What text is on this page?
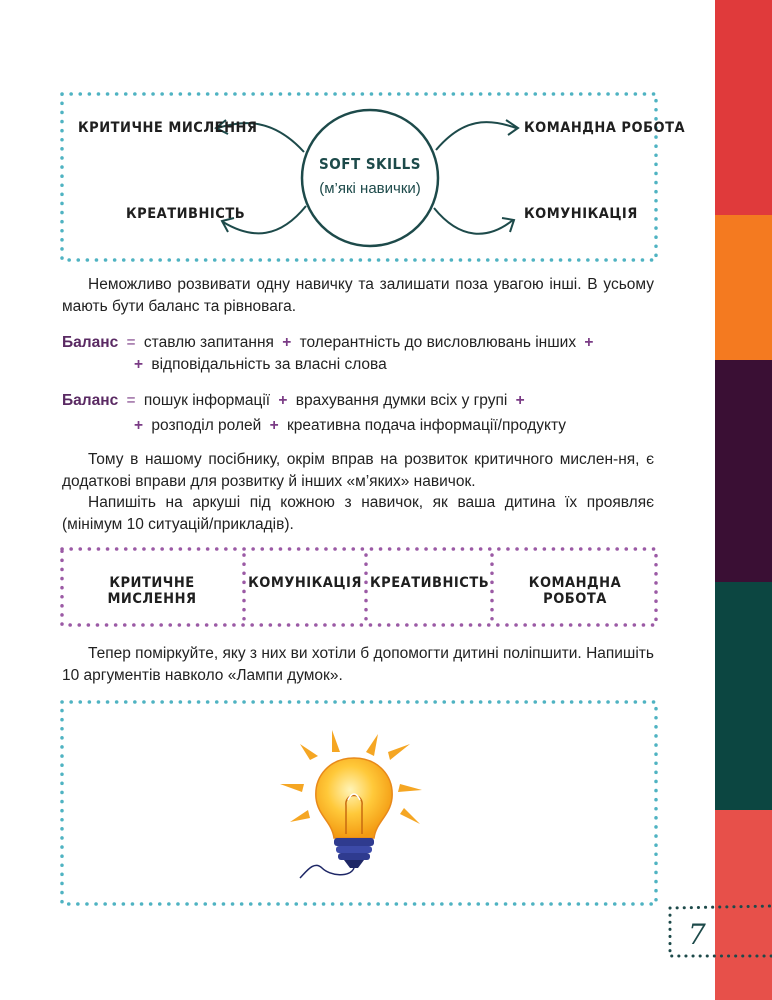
SOFT SKILLS
(м’які навички)
КРИТИЧНЕ МИСЛЕННЯ
КРЕАТИВНІСТЬ
КОМАНДНА РОБОТА
КОМУНІКАЦІЯ
Неможливо розвивати одну навичку та залишати поза увагою інші. В усьому мають бути баланс та рівновага.
Баланс = ставлю запитання + толерантність до висловлювань інших +
+ відповідальність за власні слова
Баланс = пошук інформації + врахування думки всіх у групі +
+ розподіл ролей + креативна подача інформації/продукту
Тому в нашому посібнику, окрім вправ на розвиток критичного мислен-ня, є додаткові вправи для розвитку й інших «м’яких» навичок.
Напишіть на аркуші під кожною з навичок, як ваша дитина їх проявляє (мінімум 10 ситуацій/прикладів).
КРИТИЧНЕ МИСЛЕННЯ
КОМУНІКАЦІЯ КРЕАТИВНІСТЬ	КОМАНДНА РОБОТА
Тепер поміркуйте, яку з них ви хотіли б допомогти дитині поліпшити. Напишіть 10 аргументів навколо «Лампи думок».
7
